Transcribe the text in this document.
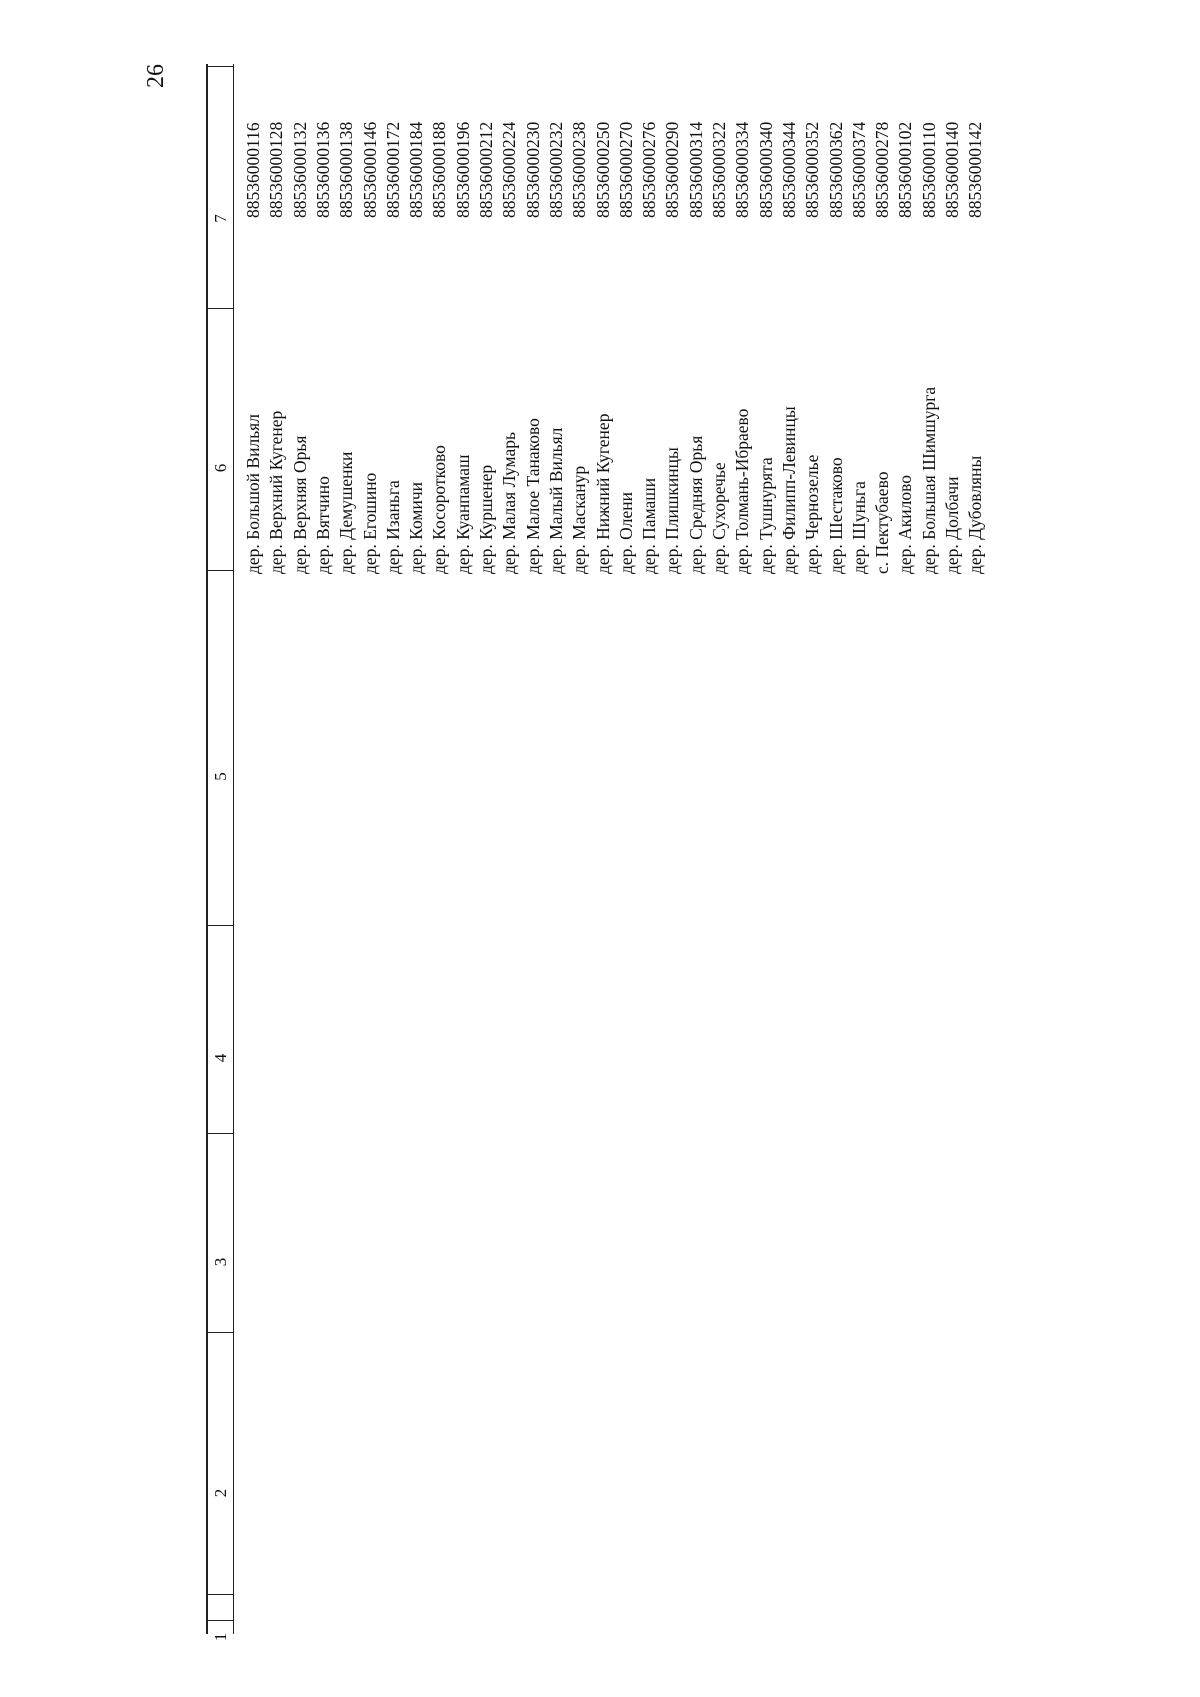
26
1
2
3
4
5
6
7
дер. Большой Вильял
88536000116
дер. Верхний Кугенер
88536000128
дер. Верхняя Орья
88536000132
дер. Вятчино
88536000136
дер. Демушенки
88536000138
дер. Егошино
88536000146
дер. Изаньга
88536000172
дер. Комичи
88536000184
дер. Косоротково
88536000188
дер. Куанпамаш
88536000196
дер. Куршенер
88536000212
дер. Малая Лумарь
88536000224
дер. Малое Танаково
88536000230
дер. Малый Вильял
88536000232
дер. Масканур
88536000238
дер. Нижний Кугенер
88536000250
дер. Олени
88536000270
дер. Памаши
88536000276
дер. Плишкинцы
88536000290
дер. Средняя Орья
88536000314
дер. Сухоречье
88536000322
дер. Толмань-Ибраево
88536000334
дер. Тушнурята
88536000340
дер. Филипп-Левинцы
88536000344
дер. Чернозелье
88536000352
дер. Шестаково
88536000362
дер. Шуньга
88536000374
с. Пектубаево
88536000278
дер. Акилово
88536000102
дер. Большая Шимшурга
88536000110
дер. Долбачи
88536000140
дер. Дубовляны
88536000142
